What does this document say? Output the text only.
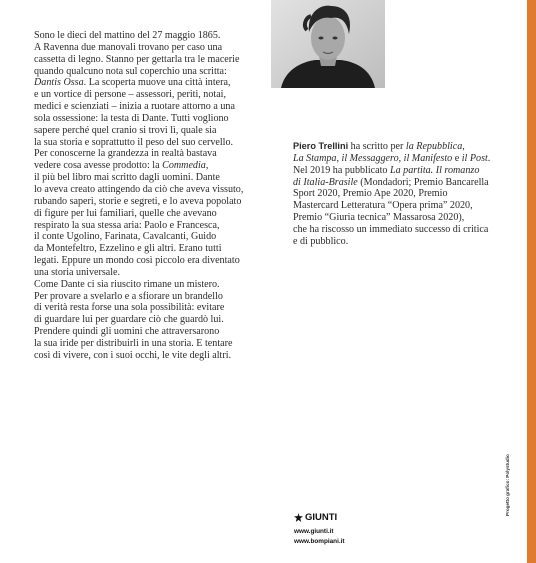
Sono le dieci del mattino del 27 maggio 1865.
A Ravenna due manovali trovano per caso una
cassetta di legno. Stanno per gettarla tra le macerie
quando qualcuno nota sul coperchio una scritta:
Dantis Ossa. La scoperta muove una città intera,
e un vortice di persone – assessori, periti, notai,
medici e scienziati – inizia a ruotare attorno a una
sola ossessione: la testa di Dante. Tutti vogliono
sapere perché quel cranio si trovi lì, quale sia
la sua storia e soprattutto il peso del suo cervello.
Per conoscerne la grandezza in realtà bastava
vedere cosa avesse prodotto: la Commedia,
il più bel libro mai scritto dagli uomini. Dante
lo aveva creato attingendo da ciò che aveva vissuto,
rubando saperi, storie e segreti, e lo aveva popolato
di figure per lui familiari, quelle che avevano
respirato la sua stessa aria: Paolo e Francesca,
il conte Ugolino, Farinata, Cavalcanti, Guido
da Montefeltro, Ezzelino e gli altri. Erano tutti
legati. Eppure un mondo così piccolo era diventato
una storia universale.

Come Dante ci sia riuscito rimane un mistero.
Per provare a svelarlo e a sfiorare un brandello
di verità resta forse una sola possibilità: evitare
di guardare lui per guardare ciò che guardò lui.
Prendere quindi gli uomini che attraversarono
la sua iride per distribuirli in una storia. E tentare
così di vivere, con i suoi occhi, le vite degli altri.

Piero Trellini ha scritto per la Repubblica,
La Stampa, il Messaggero, il Manifesto e il Post.
Nel 2019 ha pubblicato La partita. Il romanzo
di Italia-Brasile (Mondadori; Premio Bancarella
Sport 2020, Premio Ape 2020, Premio
Mastercard Letteratura “Opera prima” 2020,
Premio “Giuria tecnica” Massarosa 2020),
che ha riscosso un immediato successo di critica
e di pubblico.
GIUNTI
www.giunti.it
www.bompiani.it
Progetto grafico: Polystudio
